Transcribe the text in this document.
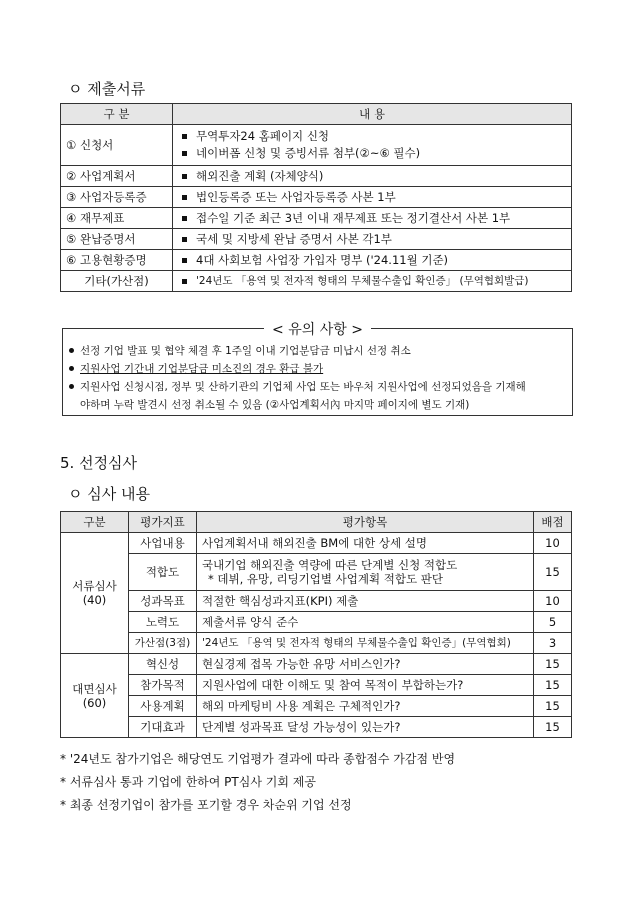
ㅇ 제출서류
구 분	내 용
① 신청서	무역투자24 홈페이지 신청
네이버폼 신청 및 증빙서류 첨부(②~⑥ 필수)

② 사업계획서	해외진출 계획 (자체양식)

③ 사업자등록증	법인등록증 또는 사업자등록증 사본 1부

④ 재무제표	접수일 기준 최근 3년 이내 재무제표 또는 정기결산서 사본 1부

⑤ 완납증명서	국세 및 지방세 완납 증명서 사본 각1부

⑥ 고용현황증명	4대 사회보험 사업장 가입자 명부 ('24.11월 기준)

기타(가산점)	'24년도 「용역 및 전자적 형태의 무체물수출입 확인증」 (무역협회발급)
< 유의 사항 >
선정 기업 발표 및 협약 체결 후 1주일 이내 기업분담금 미납시 선정 취소
지원사업 기간내 기업분담금 미소진의 경우 환급 불가
지원사업 신청시점, 정부 및 산하기관의 기업체 사업 또는 바우처 지원사업에 선정되었음을 기재해
야하며 누락 발견시 선정 취소될 수 있음 (②사업계획서內 마지막 페이지에 별도 기재)
5. 선정심사
ㅇ 심사 내용
구분	평가지표	평가항목	배점

서류심사
(40)	사업내용	사업계획서내 해외진출 BM에 대한 상세 설명	10
	적합도	국내기업 해외진출 역량에 따른 단계별 신청 적합도
* 데뷔, 유망, 리딩기업별 사업계획 적합도 판단	15
	성과목표	적절한 핵심성과지표(KPI) 제출	10
	노력도	제출서류 양식 준수	5
	가산점(3점)	'24년도 「용역 및 전자적 형태의 무체물수출입 확인증」(무역협회)	3

대면심사
(60)	혁신성	현실경제 접목 가능한 유망 서비스인가?	15
	참가목적	지원사업에 대한 이해도 및 참여 목적이 부합하는가?	15
	사용계획	해외 마케팅비 사용 계획은 구체적인가?	15
	기대효과	단계별 성과목표 달성 가능성이 있는가?	15
* '24년도 참가기업은 해당연도 기업평가 결과에 따라 종합점수 가감점 반영
* 서류심사 통과 기업에 한하여 PT심사 기회 제공
* 최종 선정기업이 참가를 포기할 경우 차순위 기업 선정
